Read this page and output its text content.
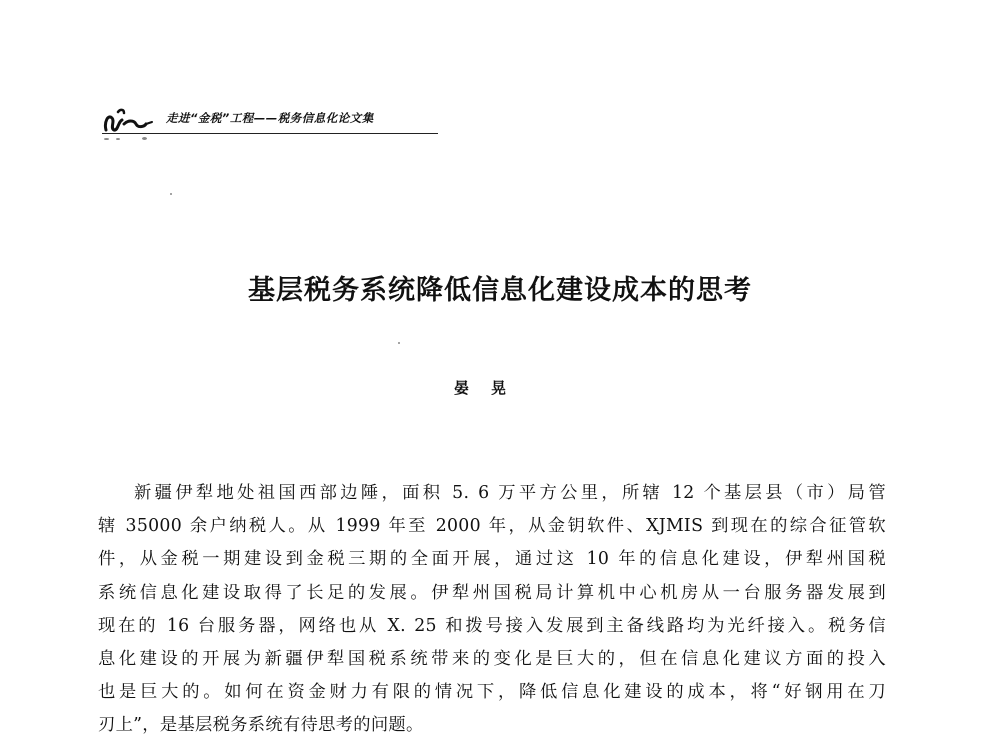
走进“金税”工程——税务信息化论文集
基层税务系统降低信息化建设成本的思考
晏晃
新疆伊犁地处祖国西部边陲，面积 5. 6 万平方公里，所辖 12 个基层县（市）局管
辖 35000 余户纳税人。从 1999 年至 2000 年，从金钥软件、XJMIS 到现在的综合征管软
件，从金税一期建设到金税三期的全面开展，通过这 10 年的信息化建设，伊犁州国税
系统信息化建设取得了长足的发展。伊犁州国税局计算机中心机房从一台服务器发展到
现在的 16 台服务器，网络也从 X. 25 和拨号接入发展到主备线路均为光纤接入。税务信
息化建设的开展为新疆伊犁国税系统带来的变化是巨大的，但在信息化建议方面的投入
也是巨大的。如何在资金财力有限的情况下，降低信息化建设的成本，将“好钢用在刀
刃上”，是基层税务系统有待思考的问题。
